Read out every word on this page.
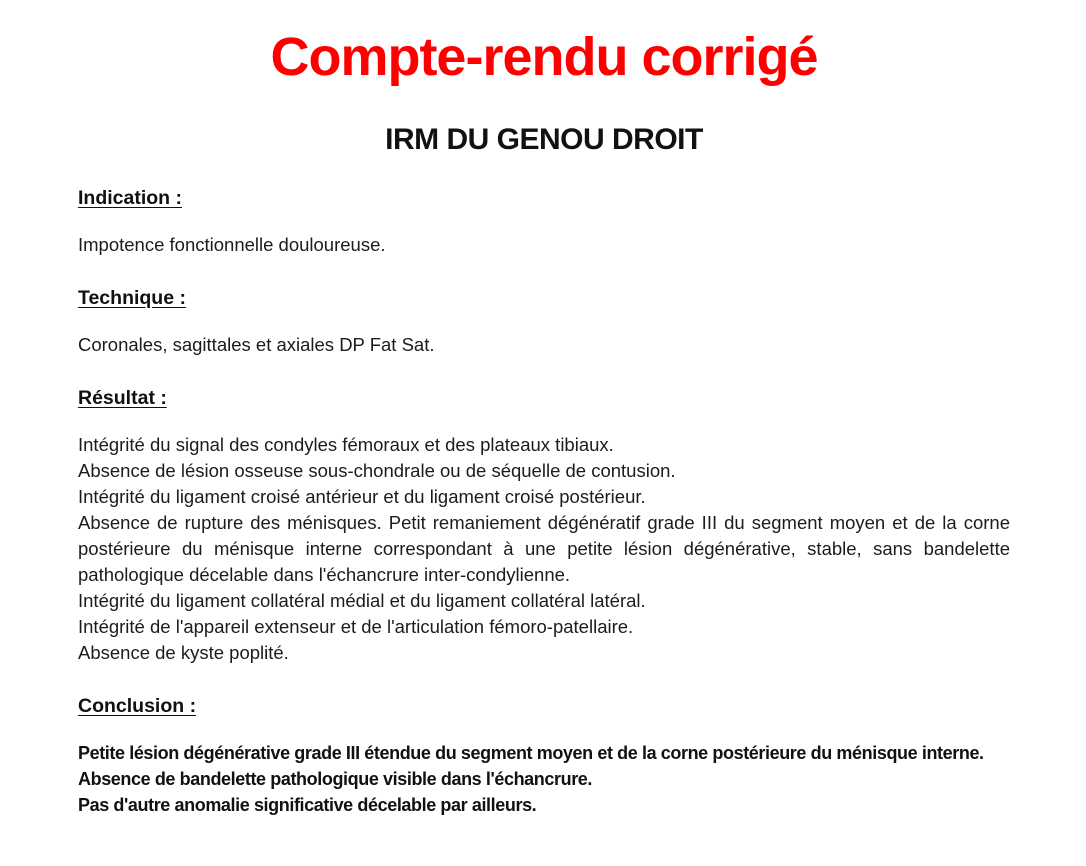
Compte-rendu corrigé
IRM DU GENOU DROIT
Indication :

Impotence fonctionnelle douloureuse.

Technique :

Coronales, sagittales et axiales DP Fat Sat.

Résultat :
Intégrité du signal des condyles fémoraux et des plateaux tibiaux.
Absence de lésion osseuse sous-chondrale ou de séquelle de contusion.
Intégrité du ligament croisé antérieur et du ligament croisé postérieur.
Absence de rupture des ménisques. Petit remaniement dégénératif grade III du segment moyen et de la corne postérieure du ménisque interne correspondant à une petite lésion dégénérative, stable, sans bandelette pathologique décelable dans l'échancrure inter-condylienne.
Intégrité du ligament collatéral médial et du ligament collatéral latéral.
Intégrité de l'appareil extenseur et de l'articulation fémoro-patellaire.
Absence de kyste poplité.
Conclusion :
Petite lésion dégénérative grade III étendue du segment moyen et de la corne postérieure du ménisque interne.
Absence de bandelette pathologique visible dans l'échancrure.
Pas d'autre anomalie significative décelable par ailleurs.
